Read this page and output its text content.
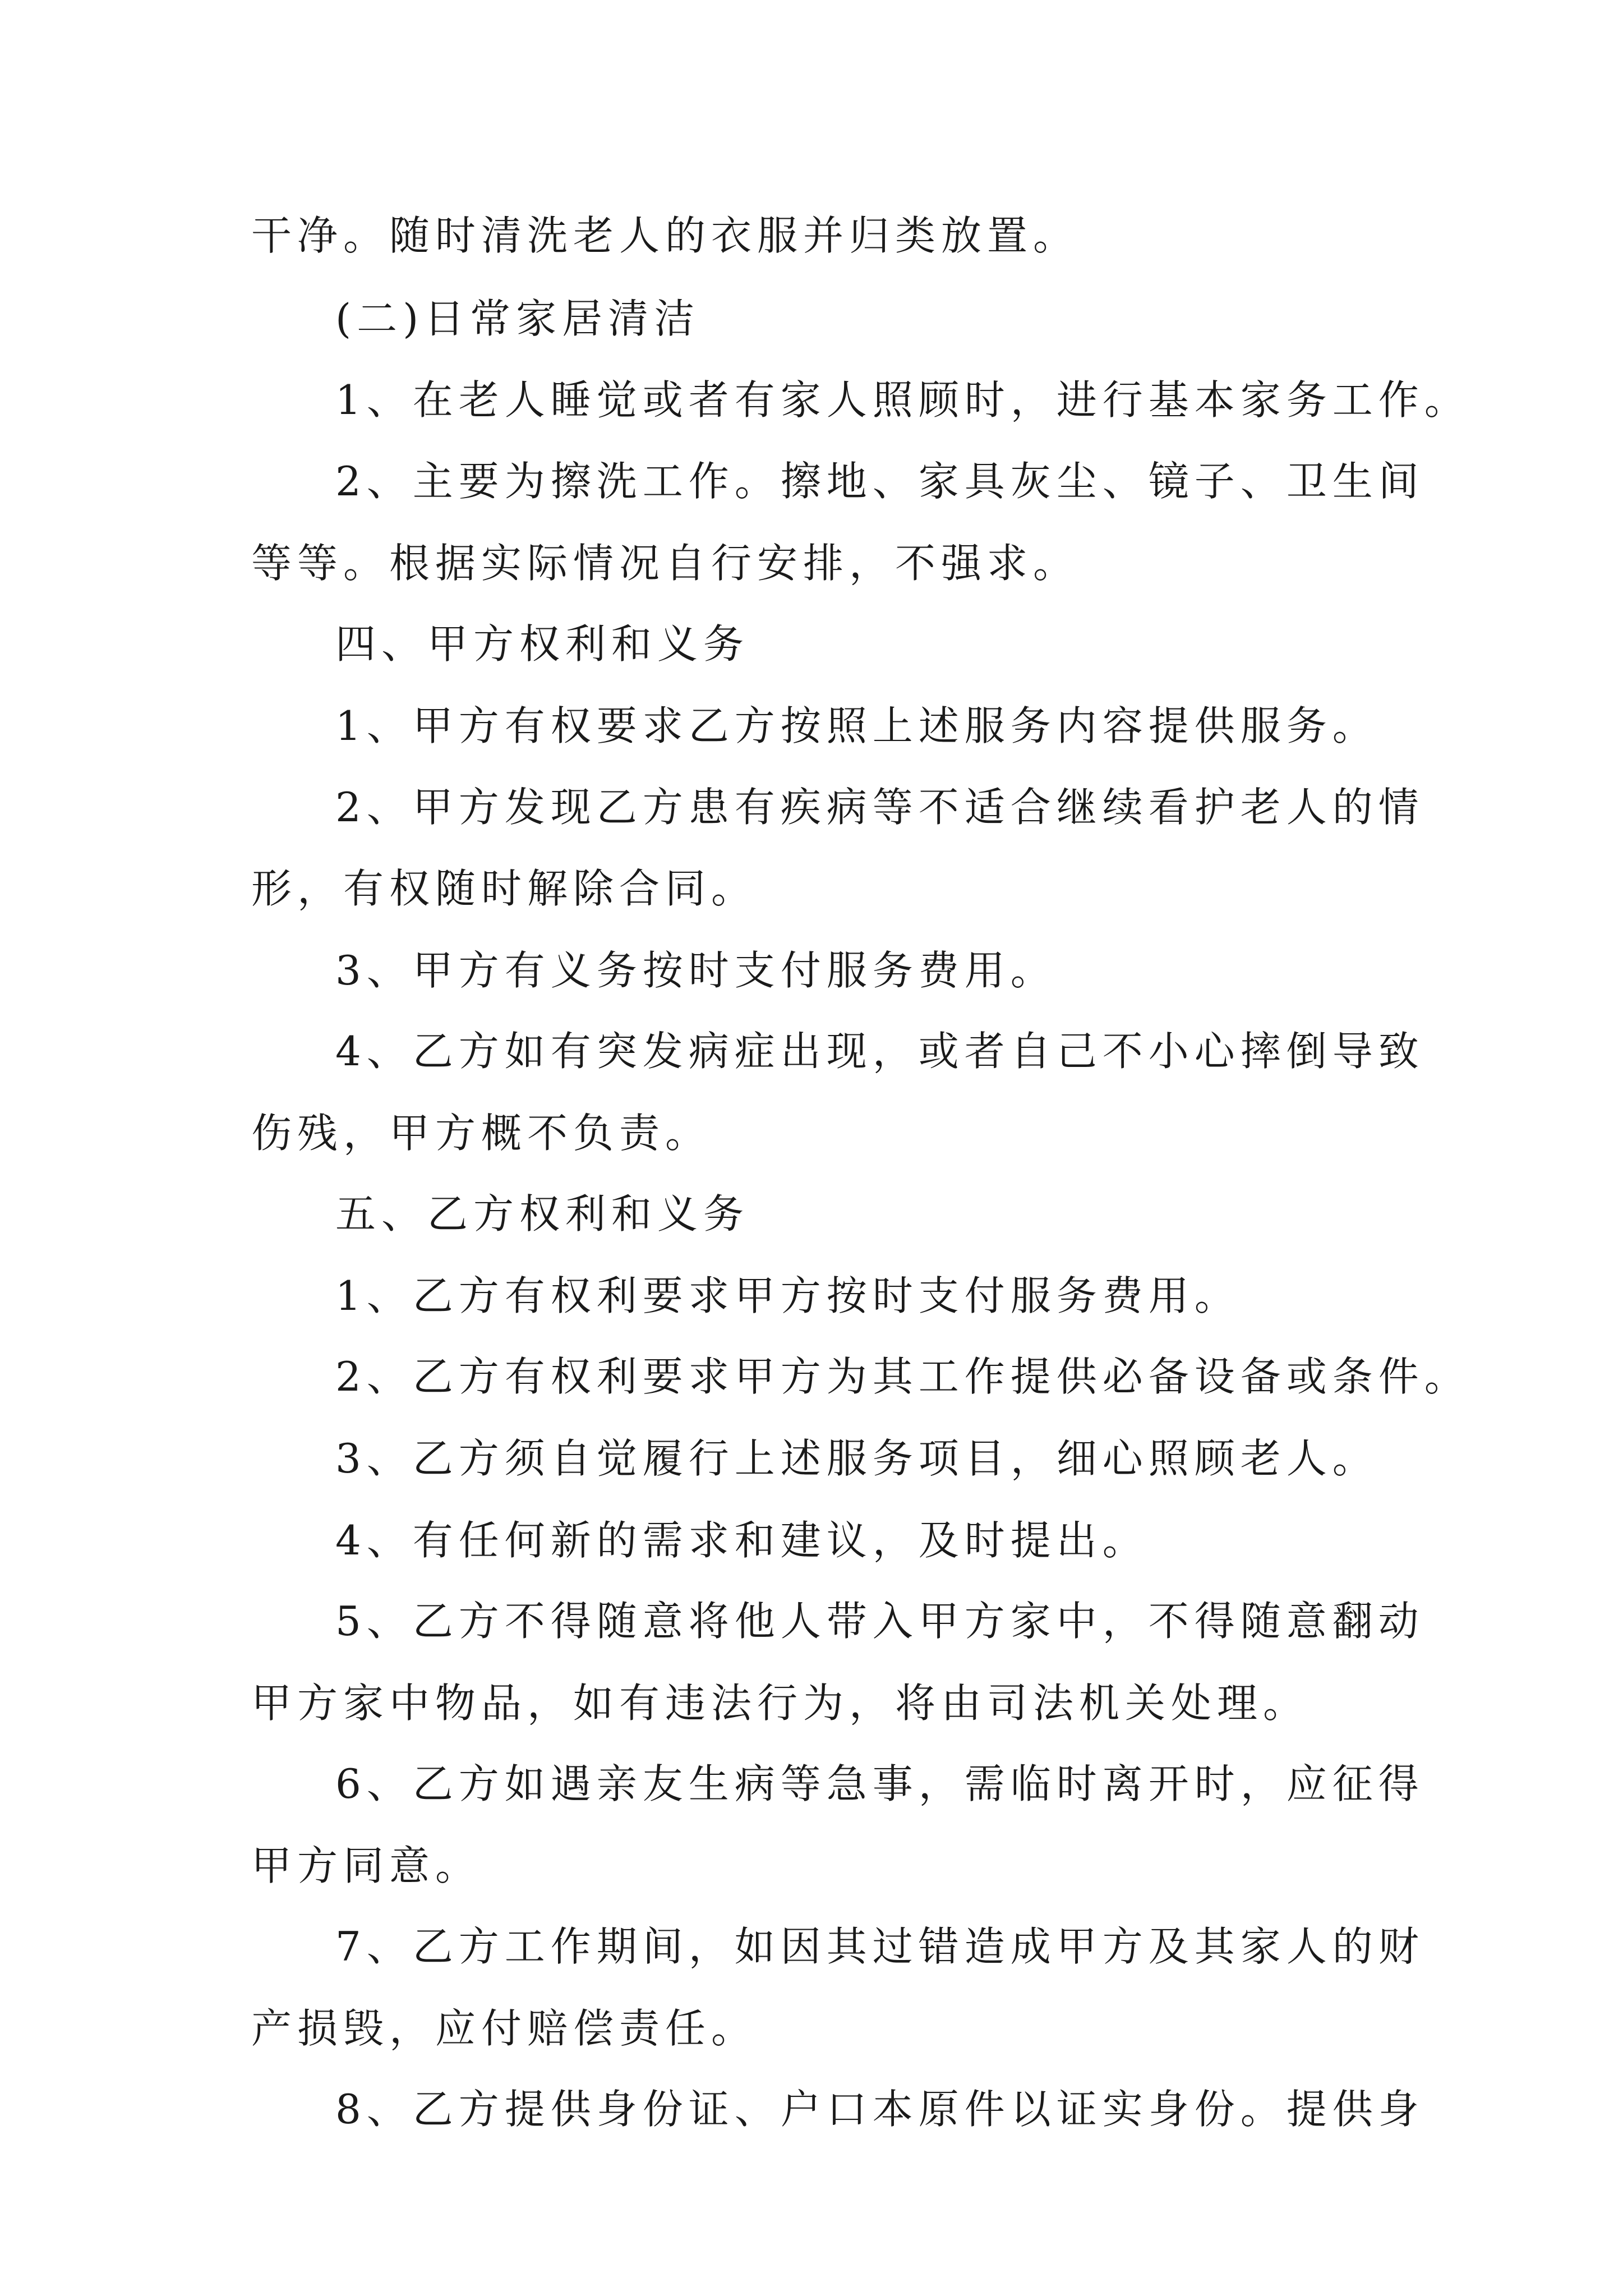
干净。随时清洗老人的衣服并归类放置。

(二)日常家居清洁

1、在老人睡觉或者有家人照顾时，进行基本家务工作。

2、主要为擦洗工作。擦地、家具灰尘、镜子、卫生间

等等。根据实际情况自行安排，不强求。

四、甲方权利和义务

1、甲方有权要求乙方按照上述服务内容提供服务。

2、甲方发现乙方患有疾病等不适合继续看护老人的情

形，有权随时解除合同。

3、甲方有义务按时支付服务费用。

4、乙方如有突发病症出现，或者自己不小心摔倒导致

伤残，甲方概不负责。

五、乙方权利和义务

1、乙方有权利要求甲方按时支付服务费用。

2、乙方有权利要求甲方为其工作提供必备设备或条件。

3、乙方须自觉履行上述服务项目，细心照顾老人。

4、有任何新的需求和建议，及时提出。

5、乙方不得随意将他人带入甲方家中，不得随意翻动

甲方家中物品，如有违法行为，将由司法机关处理。

6、乙方如遇亲友生病等急事，需临时离开时，应征得

甲方同意。

7、乙方工作期间，如因其过错造成甲方及其家人的财

产损毁，应付赔偿责任。

8、乙方提供身份证、户口本原件以证实身份。提供身
